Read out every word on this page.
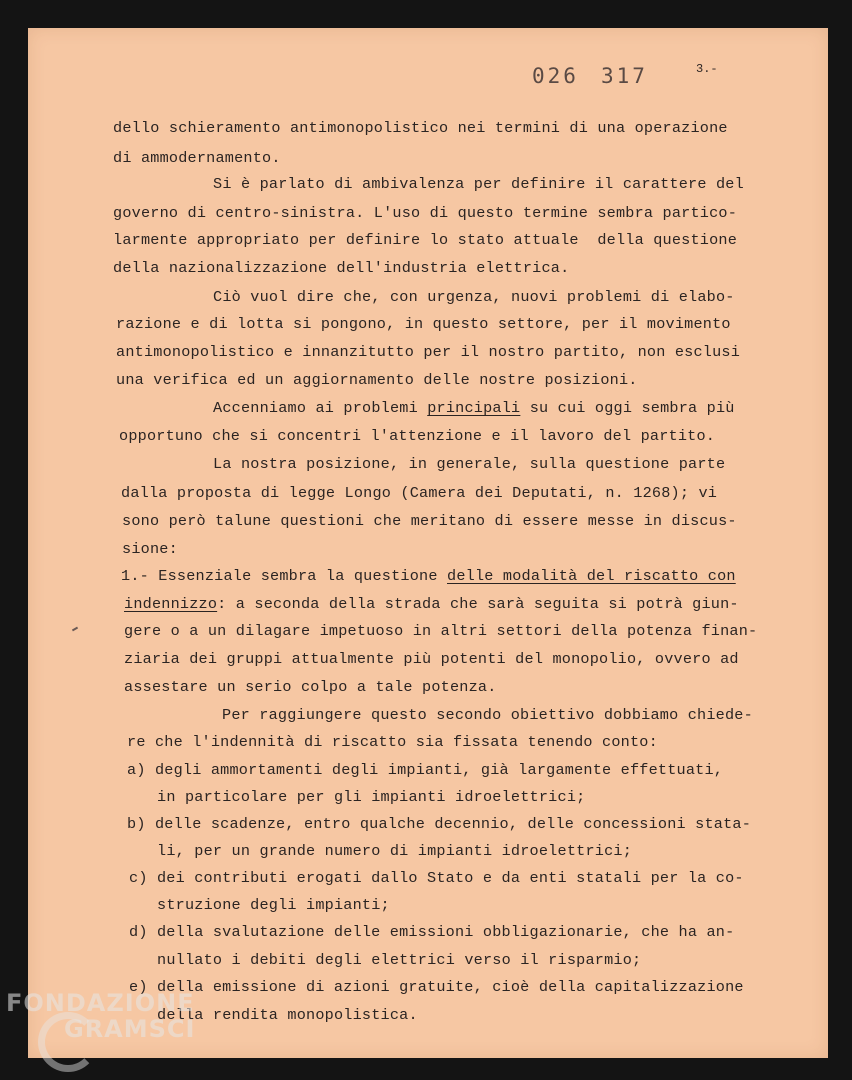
026 317	3.-
dello schieramento antimonopolistico nei termini di una operazione
di ammodernamento.
Si è parlato di ambivalenza per definire il carattere del
governo di centro-sinistra. L'uso di questo termine sembra partico-
larmente appropriato per definire lo stato attuale  della questione
della nazionalizzazione dell'industria elettrica.
Ciò vuol dire che, con urgenza, nuovi problemi di elabo-
razione e di lotta si pongono, in questo settore, per il movimento
antimonopolistico e innanzitutto per il nostro partito, non esclusi
una verifica ed un aggiornamento delle nostre posizioni.
Accenniamo ai problemi principali su cui oggi sembra più
opportuno che si concentri l'attenzione e il lavoro del partito.
La nostra posizione, in generale, sulla questione parte
dalla proposta di legge Longo (Camera dei Deputati, n. 1268); vi
sono però talune questioni che meritano di essere messe in discus-
sione:
1.- Essenziale sembra la questione delle modalità del riscatto con
indennizzo: a seconda della strada che sarà seguita si potrà giun-
gere o a un dilagare impetuoso in altri settori della potenza finan-
ziaria dei gruppi attualmente più potenti del monopolio, ovvero ad
assestare un serio colpo a tale potenza.
Per raggiungere questo secondo obiettivo dobbiamo chiede-
re che l'indennità di riscatto sia fissata tenendo conto:
a) degli ammortamenti degli impianti, già largamente effettuati,
in particolare per gli impianti idroelettrici;
b) delle scadenze, entro qualche decennio, delle concessioni stata-
li, per un grande numero di impianti idroelettrici;
c) dei contributi erogati dallo Stato e da enti statali per la co-
struzione degli impianti;
d) della svalutazione delle emissioni obbligazionarie, che ha an-
nullato i debiti degli elettrici verso il risparmio;
e) della emissione di azioni gratuite, cioè della capitalizzazione
della rendita monopolistica.
FONDAZIONE
GRAMSCI
